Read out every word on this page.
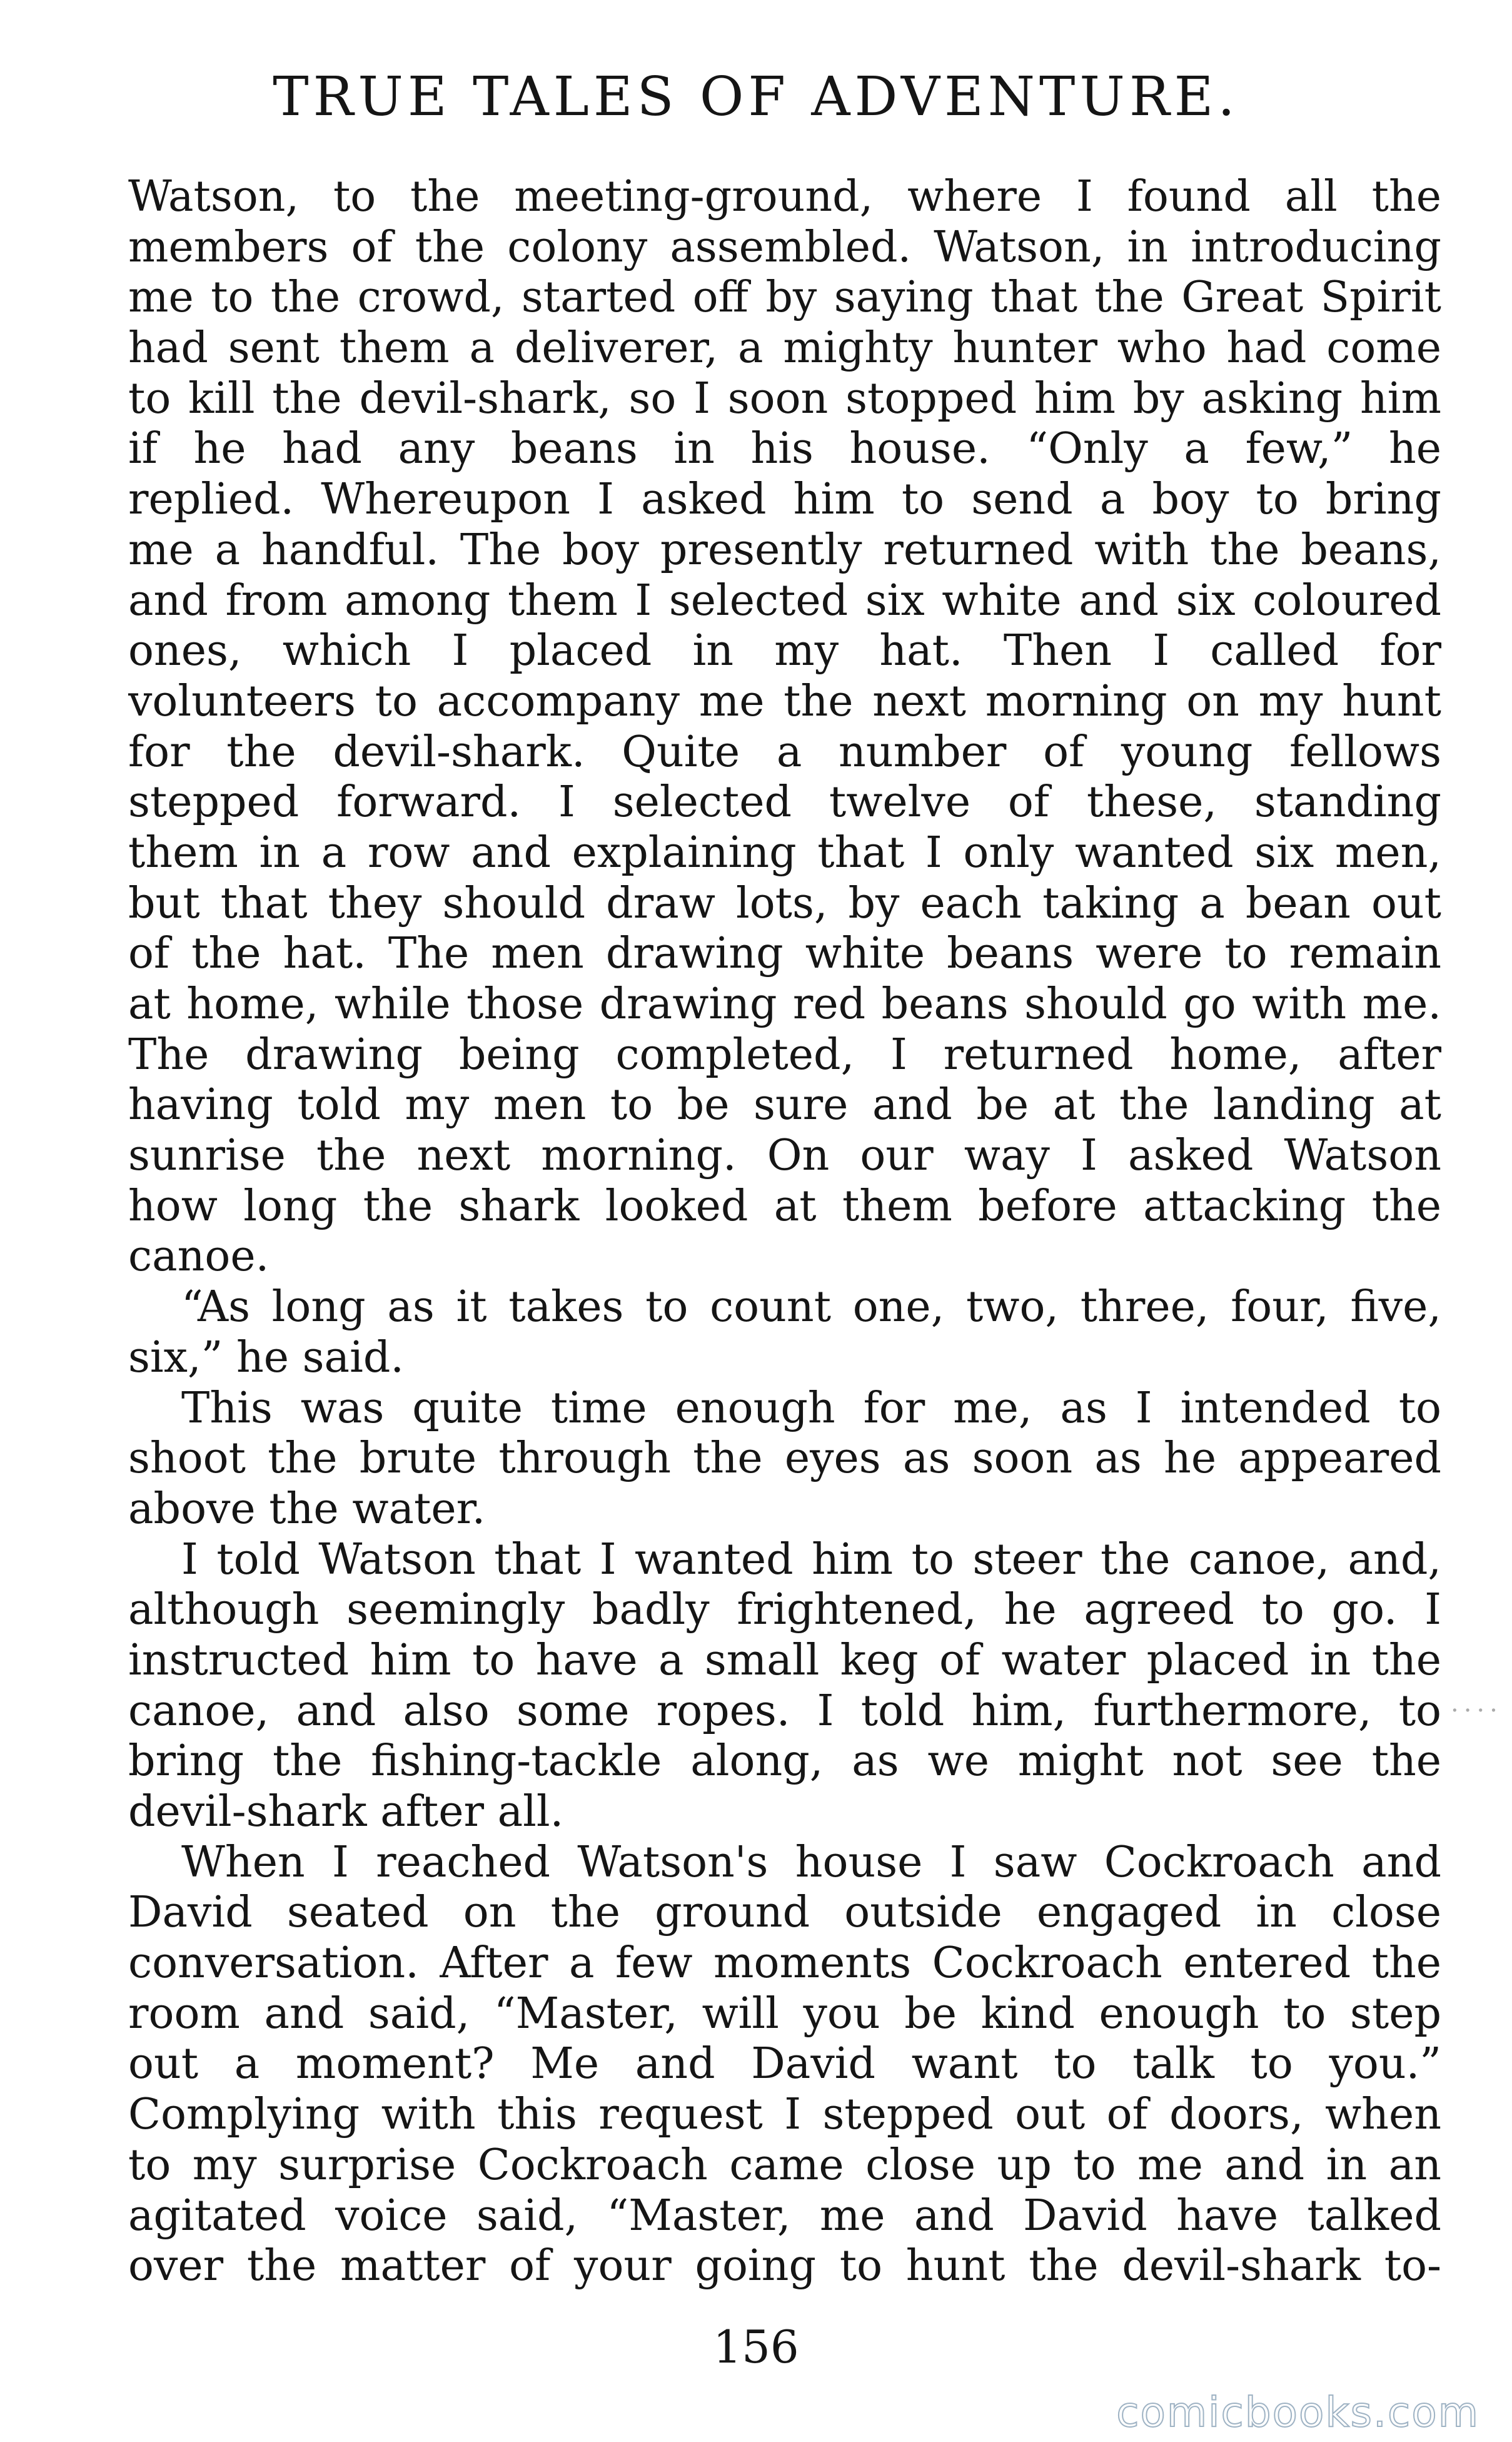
TRUE TALES OF ADVENTURE.
Watson, to the meeting-ground, where I found all the
members of the colony assembled. Watson, in introducing
me to the crowd, started off by saying that the Great Spirit
had sent them a deliverer, a mighty hunter who had come
to kill the devil-shark, so I soon stopped him by asking him
if he had any beans in his house. “Only a few,” he
replied. Whereupon I asked him to send a boy to bring
me a handful. The boy presently returned with the beans,
and from among them I selected six white and six coloured
ones, which I placed in my hat. Then I called for
volunteers to accompany me the next morning on my hunt
for the devil-shark. Quite a number of young fellows
stepped forward. I selected twelve of these, standing
them in a row and explaining that I only wanted six men,
but that they should draw lots, by each taking a bean out
of the hat. The men drawing white beans were to remain
at home, while those drawing red beans should go with me.
The drawing being completed, I returned home, after
having told my men to be sure and be at the landing at
sunrise the next morning. On our way I asked Watson
how long the shark looked at them before attacking the
canoe.
“As long as it takes to count one, two, three, four, five,
six,” he said.
This was quite time enough for me, as I intended to
shoot the brute through the eyes as soon as he appeared
above the water.
I told Watson that I wanted him to steer the canoe, and,
although seemingly badly frightened, he agreed to go. I
instructed him to have a small keg of water placed in the
canoe, and also some ropes. I told him, furthermore, to
bring the fishing-tackle along, as we might not see the
devil-shark after all.
When I reached Watson's house I saw Cockroach and
David seated on the ground outside engaged in close
conversation. After a few moments Cockroach entered the
room and said, “Master, will you be kind enough to step
out a moment? Me and David want to talk to you.”
Complying with this request I stepped out of doors, when
to my surprise Cockroach came close up to me and in an
agitated voice said, “Master, me and David have talked
over the matter of your going to hunt the devil-shark to-
....
156
comicbooks.com
